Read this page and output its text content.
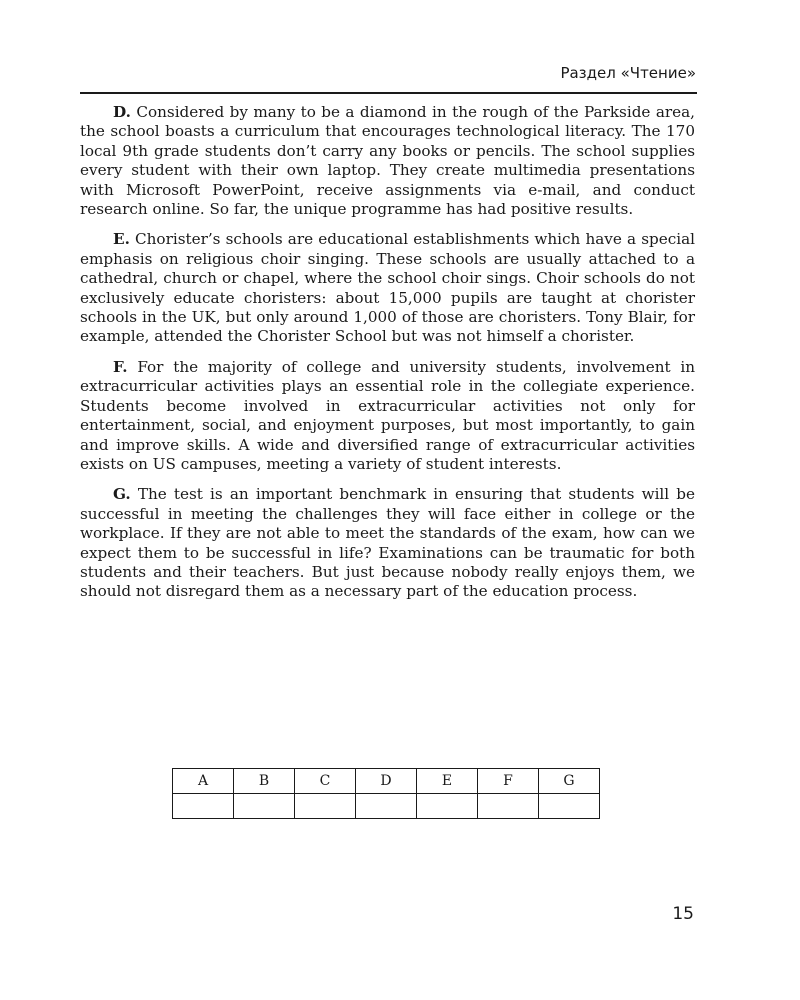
Раздел «Чтение»

D. Considered by many to be a diamond in the rough of the Parkside area, the school boasts a curriculum that encourages technological literacy. The 170 local 9th grade students don’t carry any books or pencils. The school supplies every student with their own laptop. They create multimedia presentations with Microsoft PowerPoint, receive assignments via e-mail, and conduct research online. So far, the unique programme has had positive results.

E. Chorister’s schools are educational establishments which have a special emphasis on religious choir singing. These schools are usually attached to a cathedral, church or chapel, where the school choir sings. Choir schools do not exclusively educate choristers: about 15,000 pupils are taught at chorister schools in the UK, but only around 1,000 of those are choristers. Tony Blair, for example, attended the Chorister School but was not himself a chorister.

F. For the majority of college and university students, involvement in extracurricular activities plays an essential role in the collegiate experience. Students become involved in extracurricular activities not only for entertainment, social, and enjoyment purposes, but most importantly, to gain and improve skills. A wide and diversified range of extracurricular activities exists on US campuses, meeting a variety of student interests.

G. The test is an important benchmark in ensuring that students will be successful in meeting the challenges they will face either in college or the workplace. If they are not able to meet the standards of the exam, how can we expect them to be successful in life? Examinations can be traumatic for both students and their teachers. But just because nobody really enjoys them, we should not disregard them as a necessary part of the education process.

A	B	C	D	E	F	G

15
